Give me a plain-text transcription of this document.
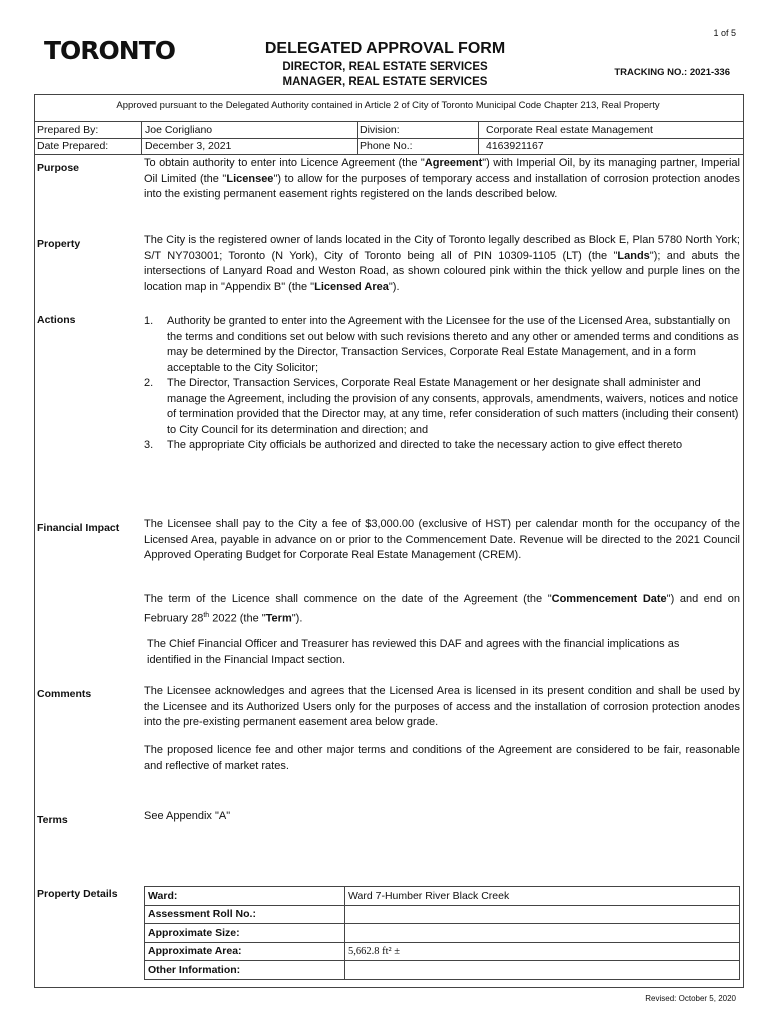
TORONTO
1 of 5
DELEGATED APPROVAL FORM
DIRECTOR, REAL ESTATE SERVICES
MANAGER, REAL ESTATE SERVICES
TRACKING NO.: 2021-336
Approved pursuant to the Delegated Authority contained in Article 2 of City of Toronto Municipal Code Chapter 213, Real Property
Prepared By:	Joe Corigliano	Division:	Corporate Real estate Management
Date Prepared:	December 3, 2021	Phone No.:	4163921167
Purpose	To obtain authority to enter into Licence Agreement (the "Agreement") with Imperial Oil, by its managing partner, Imperial Oil Limited (the "Licensee") to allow for the purposes of temporary access and installation of corrosion protection anodes into the existing permanent easement rights registered on the lands described below.
Property	The City is the registered owner of lands located in the City of Toronto legally described as Block E, Plan 5780 North York; S/T NY703001; Toronto (N York), City of Toronto being all of PIN 10309-1105 (LT) (the "Lands"); and abuts the intersections of Lanyard Road and Weston Road, as shown coloured pink within the thick yellow and purple lines on the location map in "Appendix B" (the "Licensed Area").
Actions	1. Authority be granted to enter into the Agreement with the Licensee for the use of the Licensed Area, substantially on the terms and conditions set out below with such revisions thereto and any other or amended terms and conditions as may be determined by the Director, Transaction Services, Corporate Real Estate Management, and in a form acceptable to the City Solicitor;
2. The Director, Transaction Services, Corporate Real Estate Management or her designate shall administer and manage the Agreement, including the provision of any consents, approvals, amendments, waivers, notices and notice of termination provided that the Director may, at any time, refer consideration of such matters (including their consent) to City Council for its determination and direction; and
3. The appropriate City officials be authorized and directed to take the necessary action to give effect thereto
Financial Impact The Licensee shall pay to the City a fee of $3,000.00 (exclusive of HST) per calendar month for the occupancy of the Licensed Area, payable in advance on or prior to the Commencement Date. Revenue will be directed to the 2021 Council Approved Operating Budget for Corporate Real Estate Management (CREM).
The term of the Licence shall commence on the date of the Agreement (the "Commencement Date") and end on February 28th 2022 (the "Term").
The Chief Financial Officer and Treasurer has reviewed this DAF and agrees with the financial implications as identified in the Financial Impact section.
Comments	The Licensee acknowledges and agrees that the Licensed Area is licensed in its present condition and shall be used by the Licensee and its Authorized Users only for the purposes of access and the installation of corrosion protection anodes into the pre-existing permanent easement area below grade.
The proposed licence fee and other major terms and conditions of the Agreement are considered to be fair, reasonable and reflective of market rates.
Terms	See Appendix "A"
Property Details	Ward:	Ward 7-Humber River Black Creek
Assessment Roll No.:	
Approximate Size:	
Approximate Area:	5,662.8 ft² ±
Other Information:	
Revised: October 5, 2020
